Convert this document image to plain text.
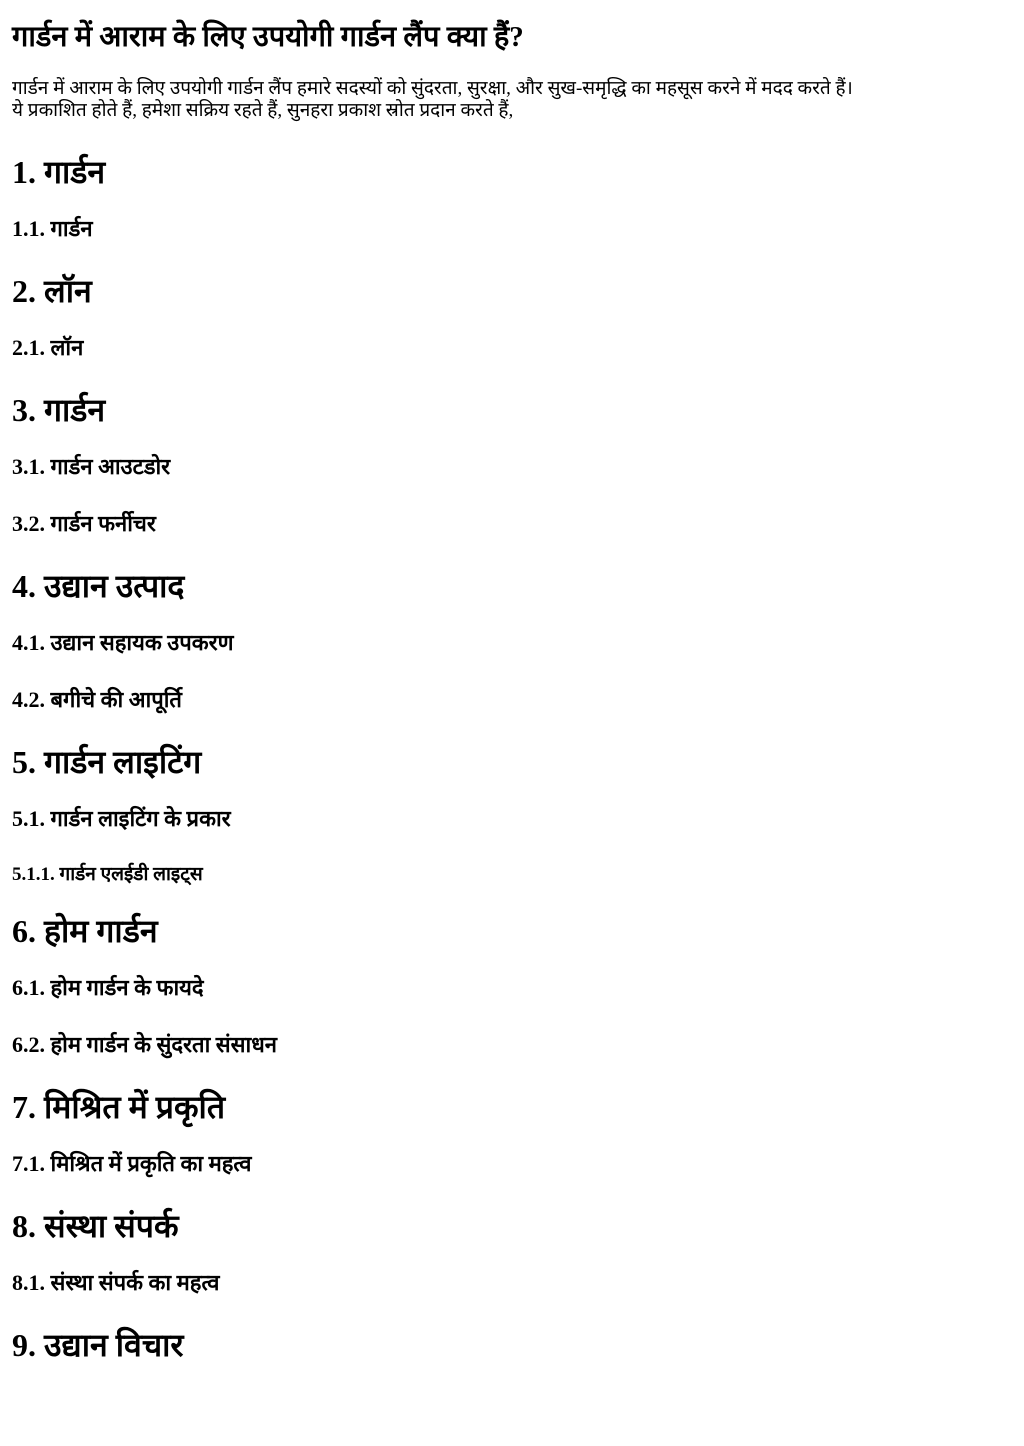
गार्डन में आराम के लिए उपयोगी गार्डन लैंप क्या हैं?
गार्डन में आराम के लिए उपयोगी गार्डन लैंप हमारे सदस्यों को सुंदरता, सुरक्षा, और सुख-समृद्धि का महसूस करने में मदद करते हैं।
ये प्रकाशित होते हैं, हमेशा सक्रिय रहते हैं, सुनहरा प्रकाश स्रोत प्रदान करते हैं,
1. गार्डन
1.1. गार्डन
2. लॉन
2.1. लॉन
3. गार्डन
3.1. गार्डन आउटडोर
3.2. गार्डन फर्नीचर
4. उद्यान उत्पाद
4.1. उद्यान सहायक उपकरण
4.2. बगीचे की आपूर्ति
5. गार्डन लाइटिंग
5.1. गार्डन लाइटिंग के प्रकार
5.1.1. गार्डन एलईडी लाइट्स
6. होम गार्डन
6.1. होम गार्डन के फायदे
6.2. होम गार्डन के सुंदरता संसाधन
7. मिश्रित में प्रकृति
7.1. मिश्रित में प्रकृति का महत्व
8. संस्था संपर्क
8.1. संस्था संपर्क का महत्व
9. उद्यान विचार
